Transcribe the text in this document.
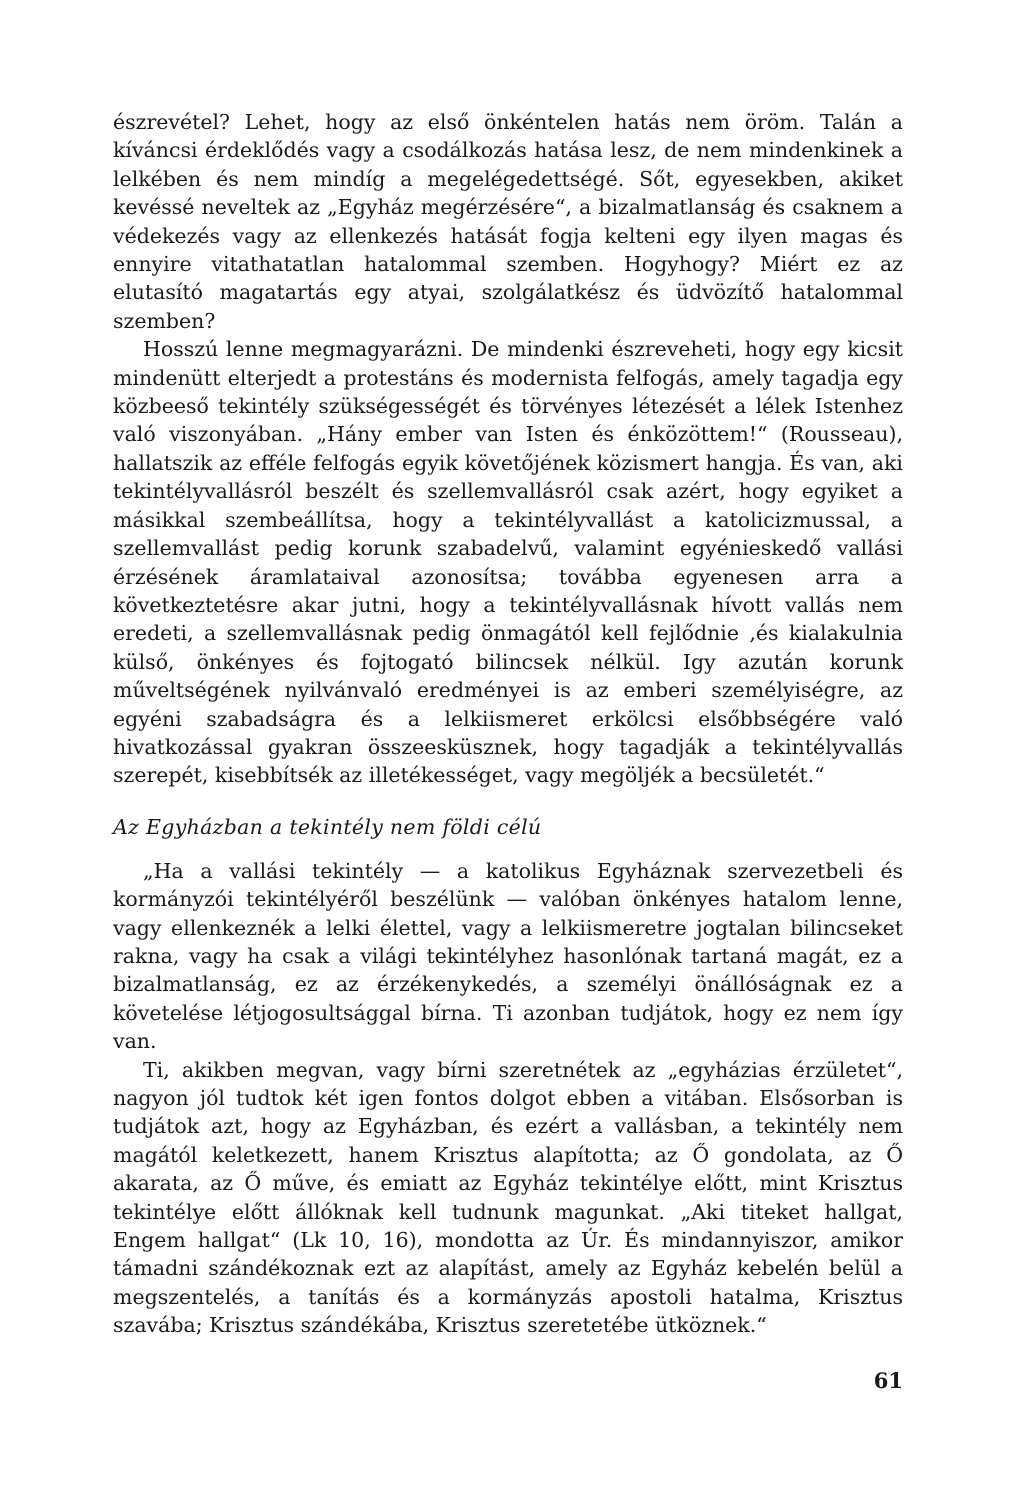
észrevétel? Lehet, hogy az első önkéntelen hatás nem öröm. Talán a kíváncsi érdeklődés vagy a csodálkozás hatása lesz, de nem mindenkinek a lelkében és nem mindíg a megelégedettségé. Sőt, egyesekben, akiket kevéssé neveltek az „Egyház megérzésére“, a bizalmatlanság és csaknem a védekezés vagy az ellenkezés hatását fogja kelteni egy ilyen magas és ennyire vitathatatlan hatalommal szemben. Hogyhogy? Miért ez az elutasító magatartás egy atyai, szolgálatkész és üdvözítő hatalommal szemben?

Hosszú lenne megmagyarázni. De mindenki észreveheti, hogy egy kicsit mindenütt elterjedt a protestáns és modernista felfogás, amely tagadja egy közbeeső tekintély szükségességét és törvényes létezését a lélek Istenhez való viszonyában. „Hány ember van Isten és énközöttem!“ (Rousseau), hallatszik az efféle felfogás egyik követőjének közismert hangja. És van, aki tekintélyvallásról beszélt és szellemvallásról csak azért, hogy egyiket a másikkal szembeállítsa, hogy a tekintélyvallást a katolicizmussal, a szellemvallást pedig korunk szabadelvű, valamint egyénieskedő vallási érzésének áramlataival azonosítsa; továbba egyenesen arra a következtetésre akar jutni, hogy a tekintélyvallásnak hívott vallás nem eredeti, a szellemvallásnak pedig önmagától kell fejlődnie ,és kialakulnia külső, önkényes és fojtogató bilincsek nélkül. Igy azután korunk műveltségének nyilvánvaló eredményei is az emberi személyiségre, az egyéni szabadságra és a lelkiismeret erkölcsi elsőbbségére való hivatkozással gyakran összeesküsznek, hogy tagadják a tekintélyvallás szerepét, kisebbítsék az illetékességet, vagy megöljék a becsületét.“

Az Egyházban a tekintély nem földi célú

„Ha a vallási tekintély — a katolikus Egyháznak szervezetbeli és kormányzói tekintélyéről beszélünk — valóban önkényes hatalom lenne, vagy ellenkeznék a lelki élettel, vagy a lelkiismeretre jogtalan bilincseket rakna, vagy ha csak a világi tekintélyhez hasonlónak tartaná magát, ez a bizalmatlanság, ez az érzékenykedés, a személyi önállóságnak ez a követelése létjogosultsággal bírna. Ti azonban tudjátok, hogy ez nem így van.

Ti, akikben megvan, vagy bírni szeretnétek az „egyházias érzületet“, nagyon jól tudtok két igen fontos dolgot ebben a vitában. Elsősorban is tudjátok azt, hogy az Egyházban, és ezért a vallásban, a tekintély nem magától keletkezett, hanem Krisztus alapította; az Ő gondolata, az Ő akarata, az Ő műve, és emiatt az Egyház tekintélye előtt, mint Krisztus tekintélye előtt állóknak kell tudnunk magunkat. „Aki titeket hallgat, Engem hallgat“ (Lk 10, 16), mondotta az Úr. És mindannyiszor, amikor támadni szándékoznak ezt az alapítást, amely az Egyház kebelén belül a megszentelés, a tanítás és a kormányzás apostoli hatalma, Krisztus szavába; Krisztus szándékába, Krisztus szeretetébe ütköznek.“

61
